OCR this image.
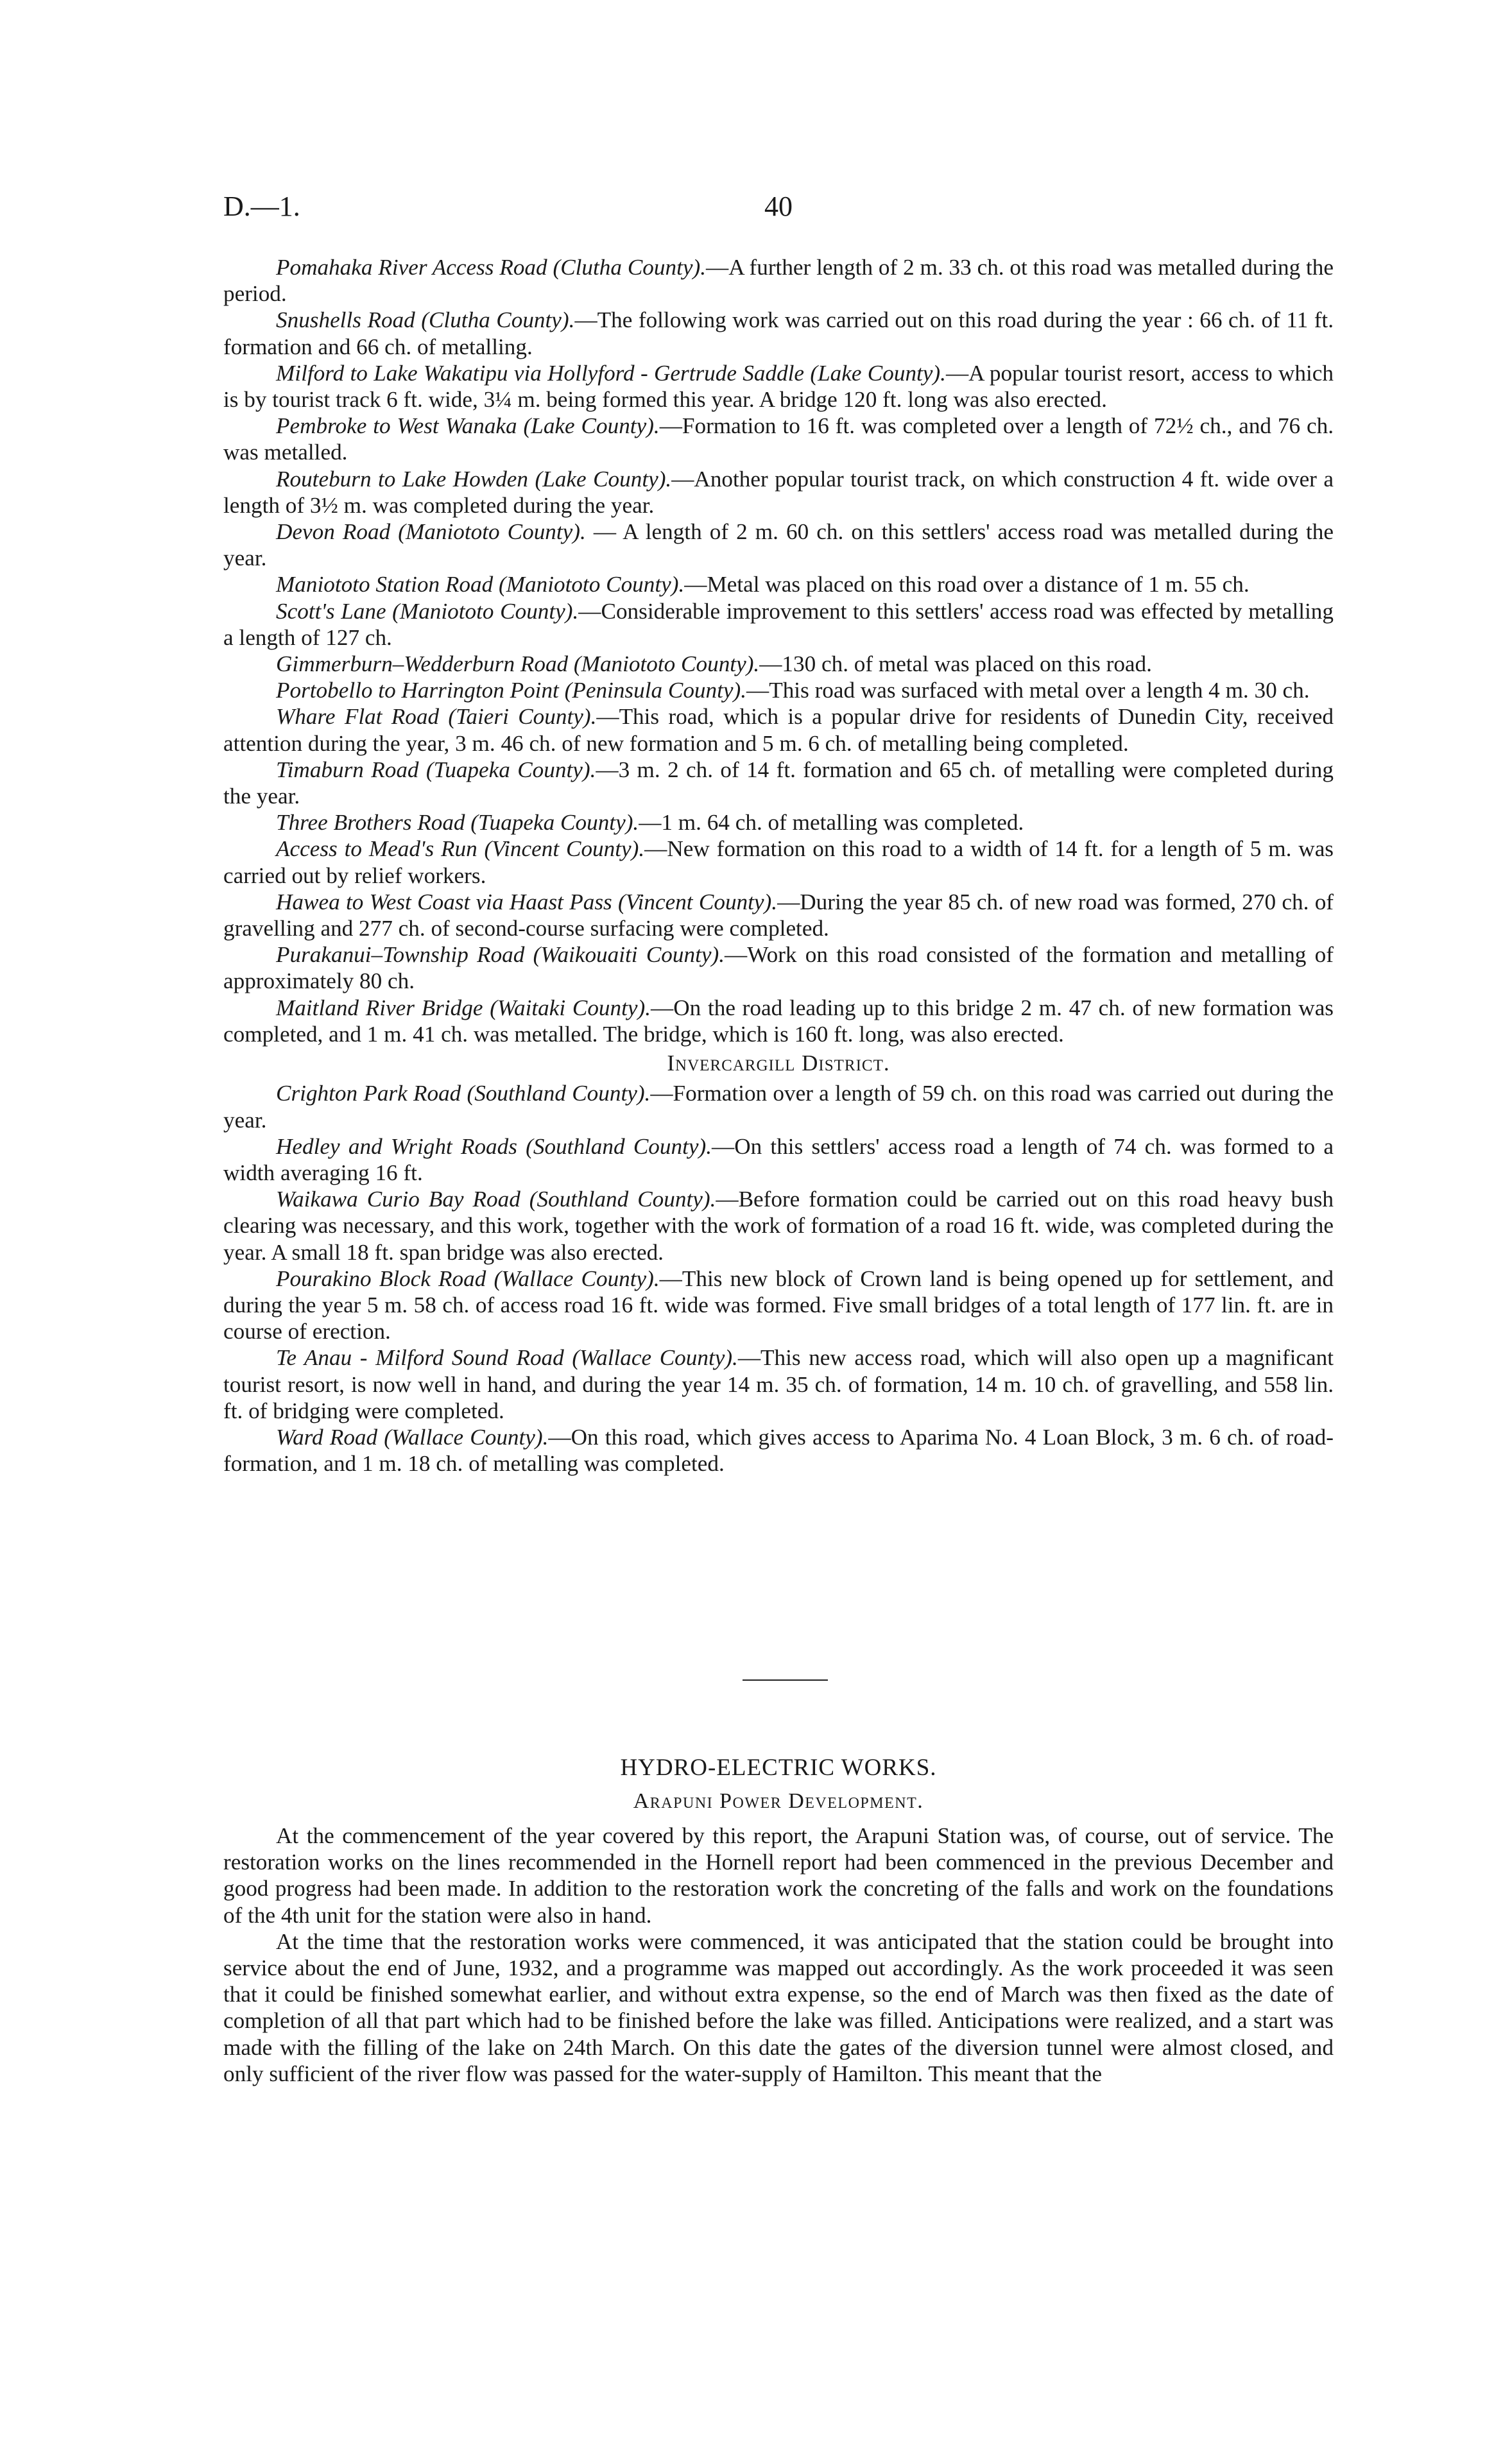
D.—1.	40

Pomahaka River Access Road (Clutha County).—A further length of 2 m. 33 ch. ot this road was metalled during the period.

Snushells Road (Clutha County).—The following work was carried out on this road during the year : 66 ch. of 11 ft. formation and 66 ch. of metalling.

Milford to Lake Wakatipu via Hollyford - Gertrude Saddle (Lake County).—A popular tourist resort, access to which is by tourist track 6 ft. wide, 3¼ m. being formed this year. A bridge 120 ft. long was also erected.

Pembroke to West Wanaka (Lake County).—Formation to 16 ft. was completed over a length of 72½ ch., and 76 ch. was metalled.

Routeburn to Lake Howden (Lake County).—Another popular tourist track, on which construction 4 ft. wide over a length of 3½ m. was completed during the year.

Devon Road (Maniototo County). — A length of 2 m. 60 ch. on this settlers' access road was metalled during the year.

Maniototo Station Road (Maniototo County).—Metal was placed on this road over a distance of 1 m. 55 ch.

Scott's Lane (Maniototo County).—Considerable improvement to this settlers' access road was effected by metalling a length of 127 ch.

Gimmerburn–Wedderburn Road (Maniototo County).—130 ch. of metal was placed on this road.

Portobello to Harrington Point (Peninsula County).—This road was surfaced with metal over a length 4 m. 30 ch.

Whare Flat Road (Taieri County).—This road, which is a popular drive for residents of Dunedin City, received attention during the year, 3 m. 46 ch. of new formation and 5 m. 6 ch. of metalling being completed.

Timaburn Road (Tuapeka County).—3 m. 2 ch. of 14 ft. formation and 65 ch. of metalling were completed during the year.

Three Brothers Road (Tuapeka County).—1 m. 64 ch. of metalling was completed.

Access to Mead's Run (Vincent County).—New formation on this road to a width of 14 ft. for a length of 5 m. was carried out by relief workers.

Hawea to West Coast via Haast Pass (Vincent County).—During the year 85 ch. of new road was formed, 270 ch. of gravelling and 277 ch. of second-course surfacing were completed.

Purakanui–Township Road (Waikouaiti County).—Work on this road consisted of the formation and metalling of approximately 80 ch.

Maitland River Bridge (Waitaki County).—On the road leading up to this bridge 2 m. 47 ch. of new formation was completed, and 1 m. 41 ch. was metalled. The bridge, which is 160 ft. long, was also erected.

Invercargill District.

Crighton Park Road (Southland County).—Formation over a length of 59 ch. on this road was carried out during the year.

Hedley and Wright Roads (Southland County).—On this settlers' access road a length of 74 ch. was formed to a width averaging 16 ft.

Waikawa Curio Bay Road (Southland County).—Before formation could be carried out on this road heavy bush clearing was necessary, and this work, together with the work of formation of a road 16 ft. wide, was completed during the year. A small 18 ft. span bridge was also erected.

Pourakino Block Road (Wallace County).—This new block of Crown land is being opened up for settlement, and during the year 5 m. 58 ch. of access road 16 ft. wide was formed. Five small bridges of a total length of 177 lin. ft. are in course of erection.

Te Anau - Milford Sound Road (Wallace County).—This new access road, which will also open up a magnificant tourist resort, is now well in hand, and during the year 14 m. 35 ch. of formation, 14 m. 10 ch. of gravelling, and 558 lin. ft. of bridging were completed.

Ward Road (Wallace County).—On this road, which gives access to Aparima No. 4 Loan Block, 3 m. 6 ch. of road-formation, and 1 m. 18 ch. of metalling was completed.

HYDRO-ELECTRIC WORKS.
Arapuni Power Development.

At the commencement of the year covered by this report, the Arapuni Station was, of course, out of service. The restoration works on the lines recommended in the Hornell report had been commenced in the previous December and good progress had been made. In addition to the restoration work the concreting of the falls and work on the foundations of the 4th unit for the station were also in hand.

At the time that the restoration works were commenced, it was anticipated that the station could be brought into service about the end of June, 1932, and a programme was mapped out accordingly. As the work proceeded it was seen that it could be finished somewhat earlier, and without extra expense, so the end of March was then fixed as the date of completion of all that part which had to be finished before the lake was filled. Anticipations were realized, and a start was made with the filling of the lake on 24th March. On this date the gates of the diversion tunnel were almost closed, and only sufficient of the river flow was passed for the water-supply of Hamilton. This meant that the
